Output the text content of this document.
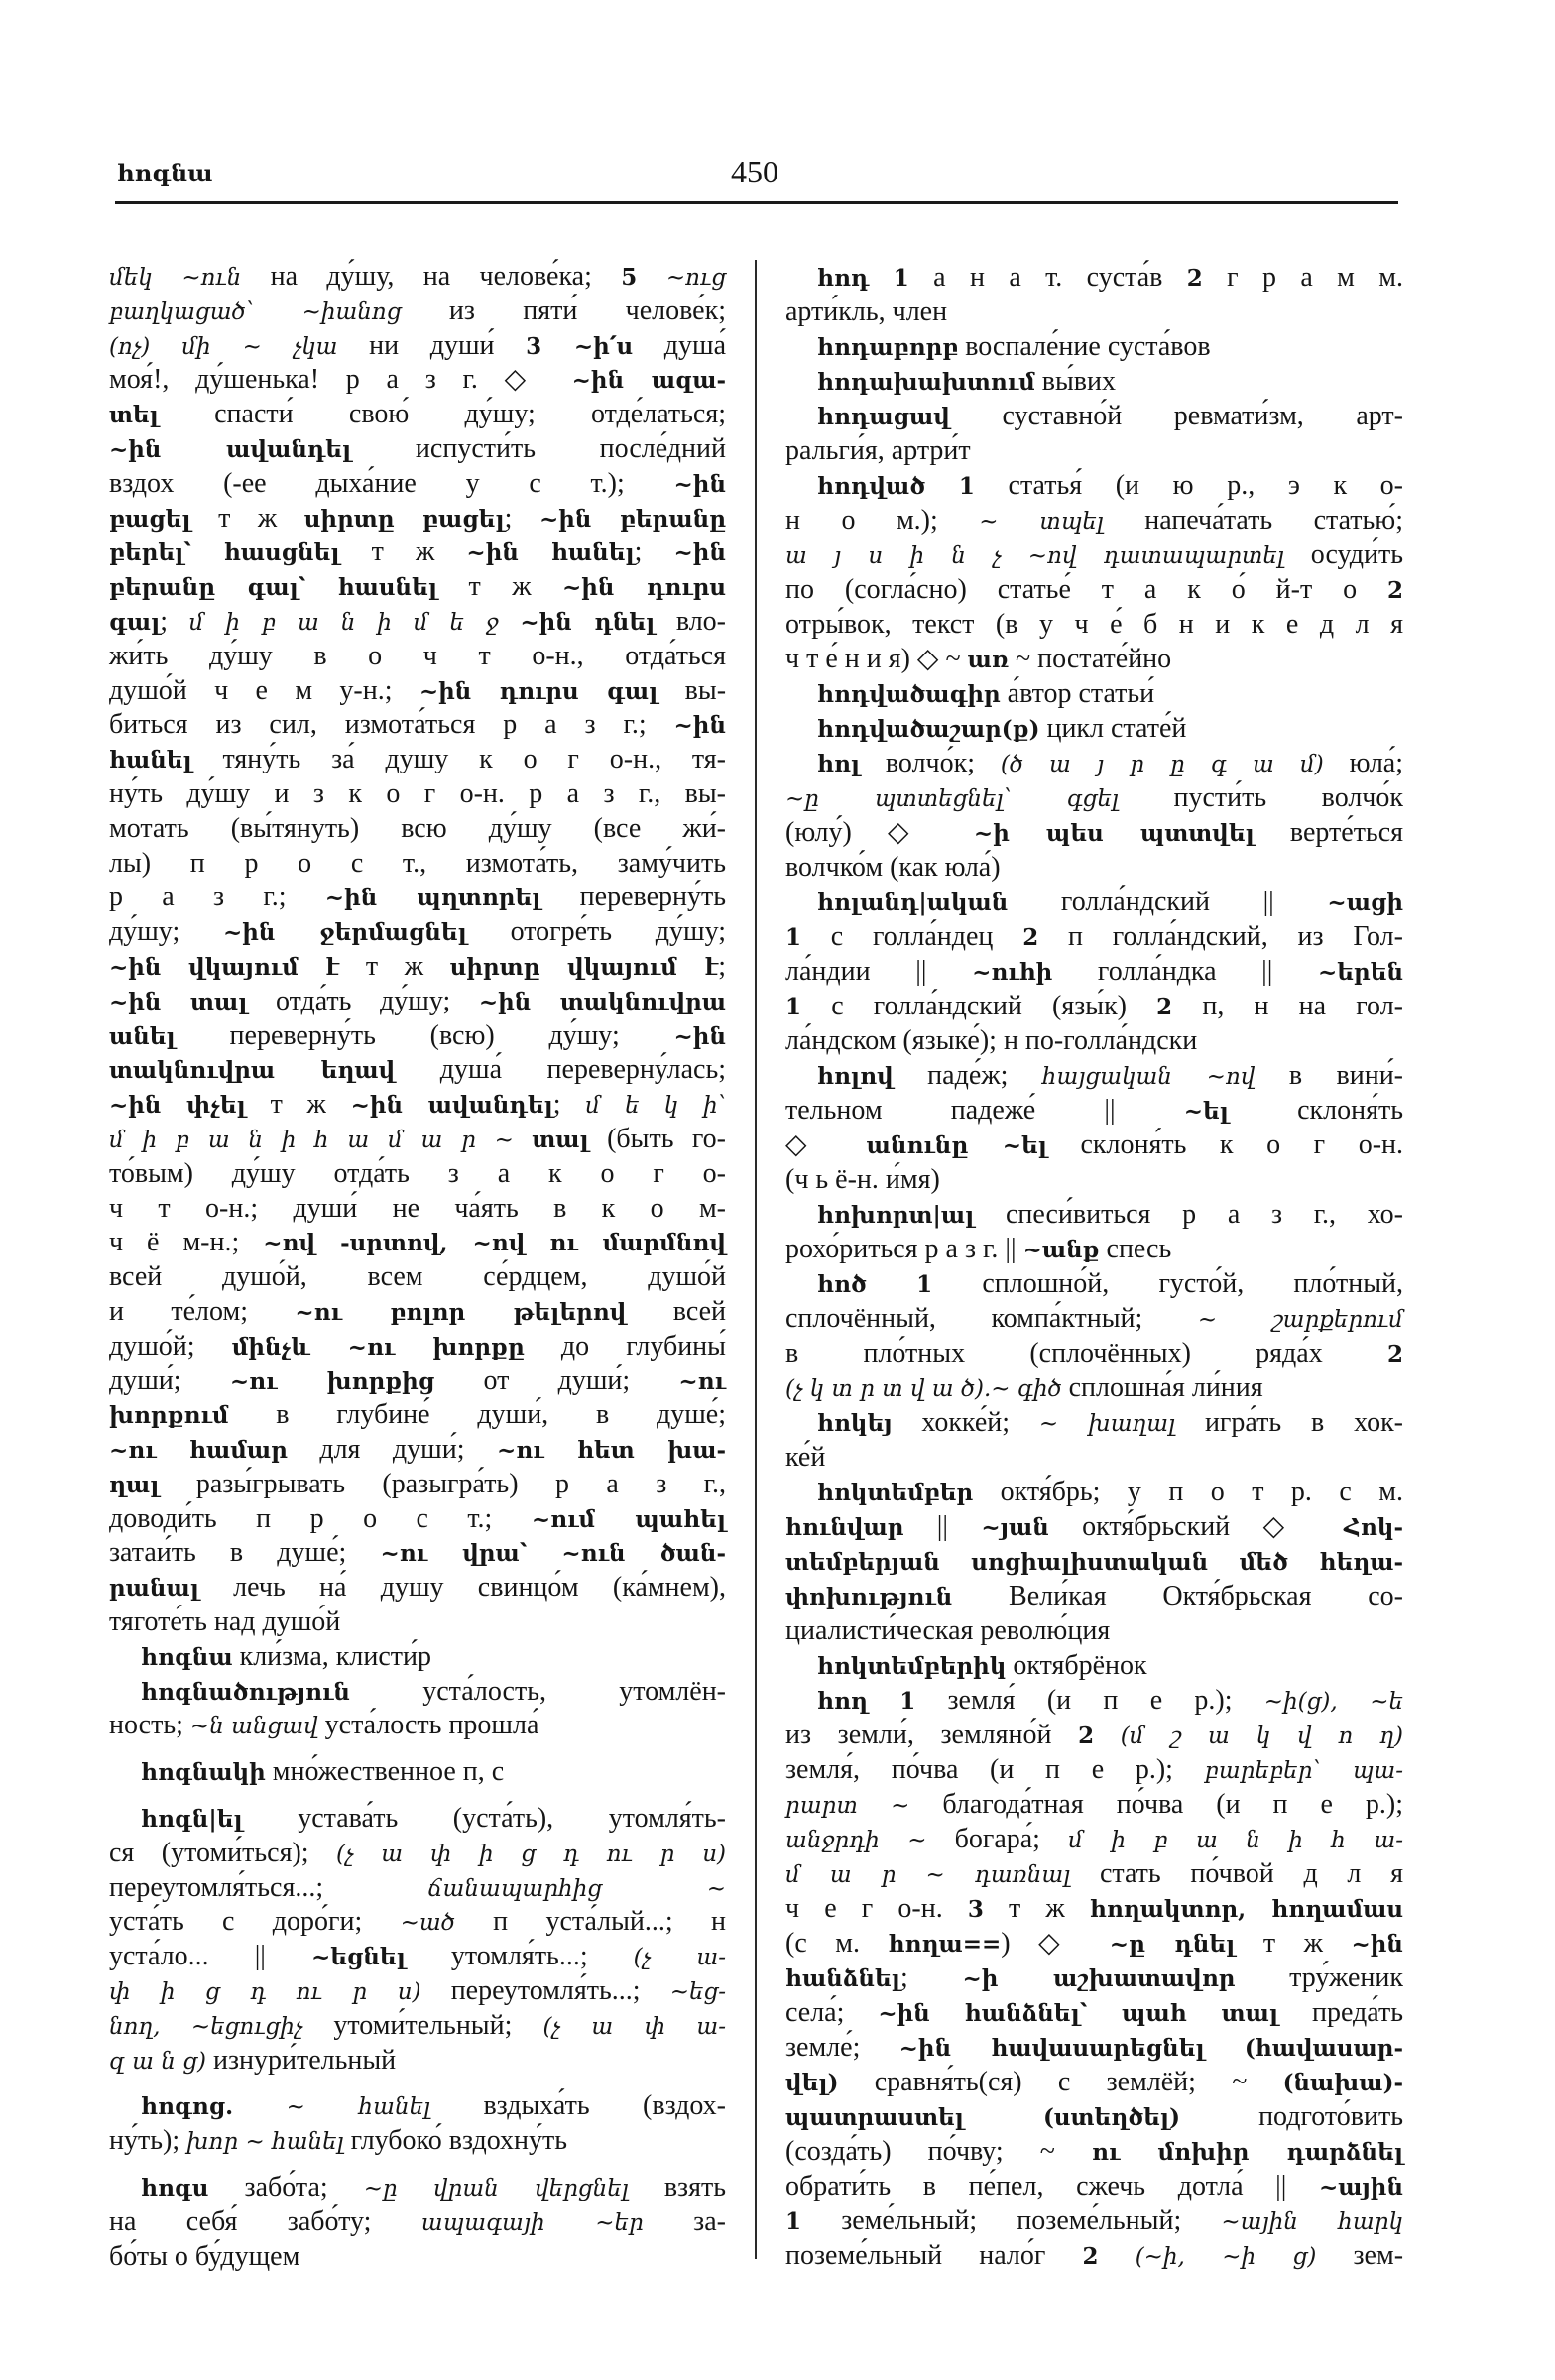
հոգնա	450
մեկ ~ուն на ду́шу, на челове́ка; 5 ~ուց
բաղկացած՝ ~իանոց из пяти́ челове́к;
(ոչ) մի ~ չկա ни души́ 3 ~ի՛ս душа́
моя́!, ду́шенька! р а з г. ◇ ~ին ազա-
տել спасти́ свою́ ду́шу; отде́латься;
~ին ավանդել испусти́ть после́дний
вздох (-ее дыха́ние у с т.); ~ին
բացել т ж սիրտը բացել; ~ին բերանը
բերել՝ հասցնել т ж ~ին հանել; ~ին
բերանը գալ՝ հասնել т ж ~ին դուրս
գալ; մ ի բ ա ն ի մ ե ջ ~ին դնել вло-
жи́ть ду́шу в о ч т о-н., отда́ться
душо́й ч е м у-н.; ~ին դուրս գալ вы-
биться из сил, измота́ться р а з г.; ~ին
հանել тяну́ть за́ душу к о г о-н., тя-
ну́ть ду́шу и з к о г о-н. р а з г., вы-
мотать (вы́тянуть) всю ду́шу (все жи́-
лы) п р о с т., измота́ть, заму́чить
р а з г.; ~ին պղտորել переверну́ть
ду́шу; ~ին ջերմացնել отогре́ть ду́шу;
~ին վկայում է т ж սիրտը վկայում է;
~ին տալ отда́ть ду́шу; ~ին տակնուվրա
անել переверну́ть (всю) ду́шу; ~ին
տակնուվրա եղավ душа́ переверну́лась;
~ին փչել т ж ~ին ավանդել; մ ե կ ի՝
մ ի բ ա ն ի հ ա մ ա ր ~ տալ (быть го-
то́вым) ду́шу отда́ть з а к о г о-
ч т о-н.; души́ не ча́ять в к о м-
ч ё м-н.; ~ով -սրտով, ~ով ու մարմնով
всей душо́й, всем се́рдцем, душо́й
и те́лом; ~ու բոլոր թելերով всей
душо́й; մինչև ~ու խորքը до глубины́
души́; ~ու խորքից от души́; ~ու
խորքում в глубине́ души́, в душе́;
~ու համար для души́; ~ու հետ խա-
ղալ разы́грывать (разыгра́ть) р а з г.,
доводи́ть п р о с т.; ~ում պահել
затаи́ть в душе́; ~ու վրա՝ ~ուն ծան-
րանալ лечь на́ душу свинцо́м (ка́мнем),
тяготе́ть над душо́й
հոգնա кли́зма, клисти́р
հոգնածություն уста́лость, утомлён-
ность; ~ն անցավ уста́лость прошла́
հոգնակի мно́жественное п, с
հոգն|ել устава́ть (уста́ть), утомля́ть-
ся (утоми́ться); (չ ա փ ի ց դ ու ր ս)
переутомля́ться...; ճանապարհից ~
уста́ть с доро́ги; ~ած п уста́лый...; н
уста́ло... || ~եցնել утомля́ть...; (չ ա-
փ ի ց դ ու ր ս) переутомля́ть...; ~եց-
նող, ~եցուցիչ утоми́тельный; (չ ա փ ա-
զ ա ն ց) изнури́тельный
հոգոց. ~ հանել вздыха́ть (вздох-
ну́ть); խոր ~ հանել глубоко́ вздохну́ть
հոգս забо́та; ~ը վրան վերցնել взять
на себя́ забо́ту; ապագայի ~եր за-
бо́ты о бу́дущем
հոդ 1 а н а т. суста́в 2 г р а м м.
арти́кль, член
հոդաբորբ воспале́ние суста́вов
հոդախախտում вы́вих
հոդացավ суставно́й ревмати́зм, арт-
ральги́я, артри́т
հոդված 1 статья́ (и ю р., э к о-
н о м.); ~ տպել напеча́тать статью́;
ա յ ս ի ն չ ~ով դատապարտել осуди́ть
по (согла́сно) статье́ т а к о́ й-т о 2
отры́вок, текст (в у ч е́ б н и к е д л я
ч т е́ н и я) ◇ ~ առ ~ постате́йно
հոդվածագիր а́втор статьи́
հոդվածաշար(ք) цикл стате́й
հոլ волчо́к; (ծ ա յ ր ը գ ա մ) юла́;
~ը պտտեցնել՝ գցել пусти́ть волчо́к
(юлу́) ◇ ~ի պես պտտվել верте́ться
волчко́м (как юла́)
հոլանդ|ական голла́ндский || ~ացի
1 с голла́ндец 2 п голла́ндский, из Гол-
ла́ндии || ~ուհի голла́ндка || ~երեն
1 с голла́ндский (язы́к) 2 п, н на гол-
ла́ндском (языке́); н по-голла́ндски
հոլով паде́ж; հայցական ~ով в вини́-
тельном падеже́ || ~ել склоня́ть
◇ անունը ~ել склоня́ть к о г о-н.
(ч ь ё-н. и́мя)
հոխորտ|ալ спеси́виться р а з г., хо-
рохо́риться р а з г. || ~անք спесь
հոծ 1 сплошно́й, густо́й, пло́тный,
сплочённый, компа́ктный; ~ շարքերում
в пло́тных (сплочённых) ряда́х 2
(չ կ տ ր տ վ ա ծ).~ գիծ сплошна́я ли́ния
հոկեյ хокке́й; ~ խաղալ игра́ть в хок-
ке́й
հոկտեմբեր октя́брь; у п о т р. с м.
հունվար || ~յան октя́брьский ◇ Հոկ-
տեմբերյան սոցիալիստական մեծ հեղա-
փոխություն Вели́кая Октя́брьская со-
циалисти́ческая револю́ция
հոկտեմբերիկ октябрёнок
հող 1 земля́ (и п е р.); ~ի(ց), ~ե
из земли́, земляно́й 2 (մ շ ա կ վ ո ղ)
земля́, по́чва (и п е р.); բարեբեր՝ պա-
րարտ ~ благода́тная по́чва (и п е р.);
անջրդի ~ богара́; մ ի բ ա ն ի հ ա-
մ ա ր ~ դառնալ стать по́чвой д л я
ч е г о-н. 3 т ж հողակտոր, հողամաս
(с м. հողա==) ◇ ~ը դնել т ж ~ին
հանձնել; ~ի աշխատավոր тру́женик
села́; ~ին հանձնել՝ պահ տալ преда́ть
земле́; ~ին հավասարեցնել (հավասար-
վել) сравня́ть(ся) с землёй; ~ (նախա)-
պատրաստել (ստեղծել) подгото́вить
(созда́ть) по́чву; ~ ու մոխիր դարձնել
обрати́ть в пе́пел, сжечь дотла́ || ~ային
1 земе́льный; поземе́льный; ~ային հարկ
поземе́льный нало́г 2 (~ի, ~ի ց) зем-
